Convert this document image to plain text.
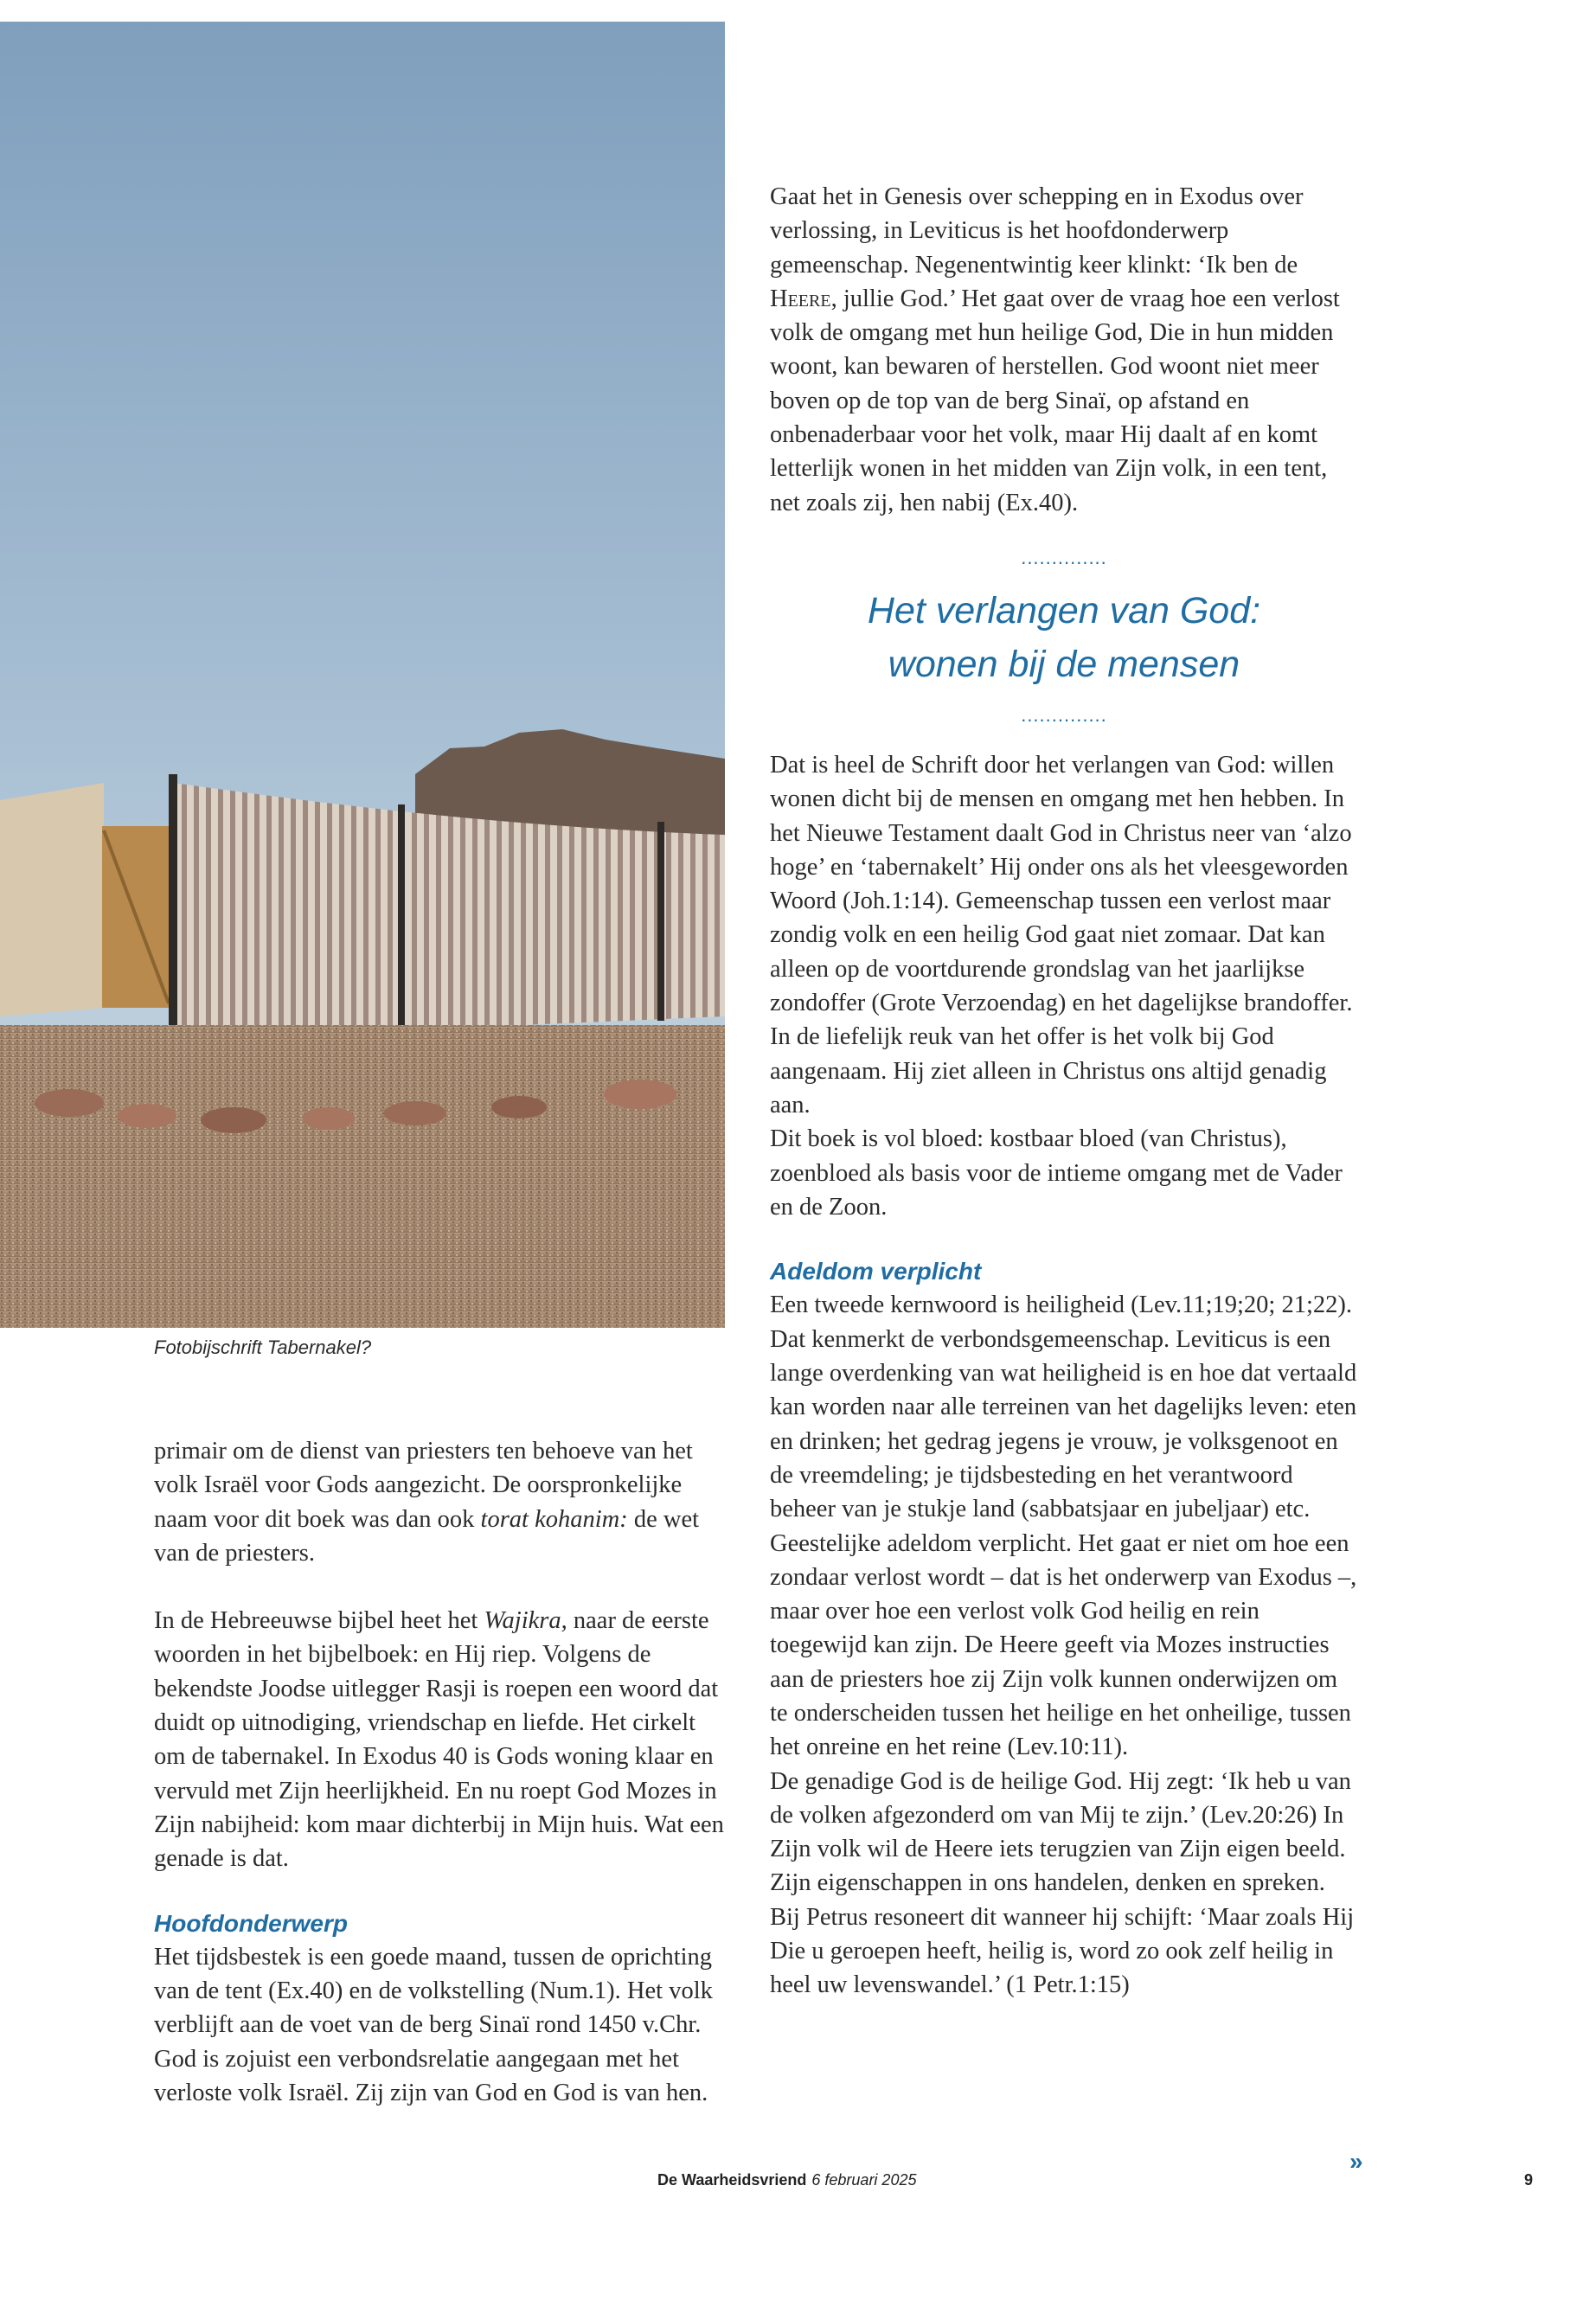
Fotobijschrift Tabernakel?

primair om de dienst van priesters ten behoeve van het volk Israël voor Gods aangezicht. De oorspronkelijke naam voor dit boek was dan ook torat kohanim: de wet van de priesters.

In de Hebreeuwse bijbel heet het Wajikra, naar de eerste woorden in het bijbelboek: en Hij riep. Volgens de bekendste Joodse uitlegger Rasji is roepen een woord dat duidt op uitnodiging, vriendschap en liefde. Het cirkelt om de tabernakel. In Exodus 40 is Gods woning klaar en vervuld met Zijn heerlijkheid. En nu roept God Mozes in Zijn nabijheid: kom maar dichterbij in Mijn huis. Wat een genade is dat.

Hoofdonderwerp

Het tijdsbestek is een goede maand, tussen de oprichting van de tent (Ex.40) en de volkstelling (Num.1). Het volk verblijft aan de voet van de berg Sinaï rond 1450 v.Chr. God is zojuist een verbondsrelatie aangegaan met het verloste volk Israël. Zij zijn van God en God is van hen.

Gaat het in Genesis over schepping en in Exodus over verlossing, in Leviticus is het hoofdonderwerp gemeenschap. Negenentwintig keer klinkt: ‘Ik ben de Heere, jullie God.’ Het gaat over de vraag hoe een verlost volk de omgang met hun heilige God, Die in hun midden woont, kan bewaren of herstellen. God woont niet meer boven op de top van de berg Sinaï, op afstand en onbenaderbaar voor het volk, maar Hij daalt af en komt letterlijk wonen in het midden van Zijn volk, in een tent, net zoals zij, hen nabij (Ex.40).

..............
Het verlangen van God:
wonen bij de mensen
..............

Dat is heel de Schrift door het verlangen van God: willen wonen dicht bij de mensen en omgang met hen hebben. In het Nieuwe Testament daalt God in Christus neer van ‘alzo hoge’ en ‘tabernakelt’ Hij onder ons als het vleesgeworden Woord (Joh.1:14). Gemeenschap tussen een verlost maar zondig volk en een heilig God gaat niet zomaar. Dat kan alleen op de voortdurende grondslag van het jaarlijkse zondoffer (Grote Verzoendag) en het dagelijkse brandoffer. In de liefelijk reuk van het offer is het volk bij God aangenaam. Hij ziet alleen in Christus ons altijd genadig aan.

Dit boek is vol bloed: kostbaar bloed (van Christus), zoenbloed als basis voor de intieme omgang met de Vader en de Zoon.

Adeldom verplicht

Een tweede kernwoord is heiligheid (Lev.11;19;20; 21;22). Dat kenmerkt de verbondsgemeenschap. Leviticus is een lange overdenking van wat heiligheid is en hoe dat vertaald kan worden naar alle terreinen van het dagelijks leven: eten en drinken; het gedrag jegens je vrouw, je volksgenoot en de vreemdeling; je tijdsbesteding en het verantwoord beheer van je stukje land (sabbatsjaar en jubeljaar) etc.

Geestelijke adeldom verplicht. Het gaat er niet om hoe een zondaar verlost wordt – dat is het onderwerp van Exodus –, maar over hoe een verlost volk God heilig en rein toegewijd kan zijn. De Heere geeft via Mozes instructies aan de priesters hoe zij Zijn volk kunnen onderwijzen om te onderscheiden tussen het heilige en het onheilige, tussen het onreine en het reine (Lev.10:11).

De genadige God is de heilige God. Hij zegt: ‘Ik heb u van de volken afgezonderd om van Mij te zijn.’ (Lev.20:26) In Zijn volk wil de Heere iets terugzien van Zijn eigen beeld. Zijn eigenschappen in ons handelen, denken en spreken. Bij Petrus resoneert dit wanneer hij schijft: ‘Maar zoals Hij Die u geroepen heeft, heilig is, word zo ook zelf heilig in heel uw levenswandel.’ (1 Petr.1:15)

»
De Waarheidsvriend 6 februari 2025	9
